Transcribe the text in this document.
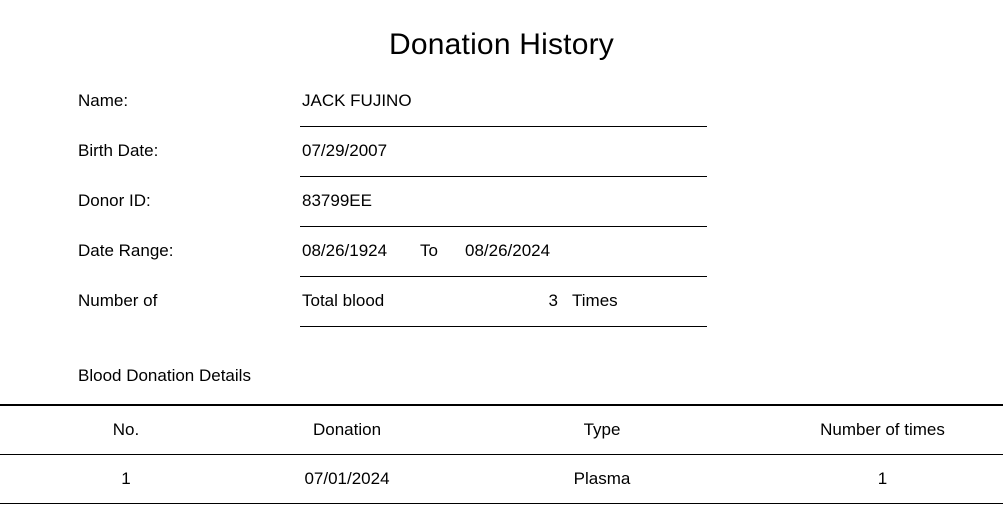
Donation History
Name:	JACK FUJINO
Birth Date:	07/29/2007
Donor ID:	83799EE
Date Range:	08/26/1924	To	08/26/2024
Number of	Total blood	3 Times
Blood Donation Details
No.	Donation	Type	Number of times
1	07/01/2024	Plasma	1
